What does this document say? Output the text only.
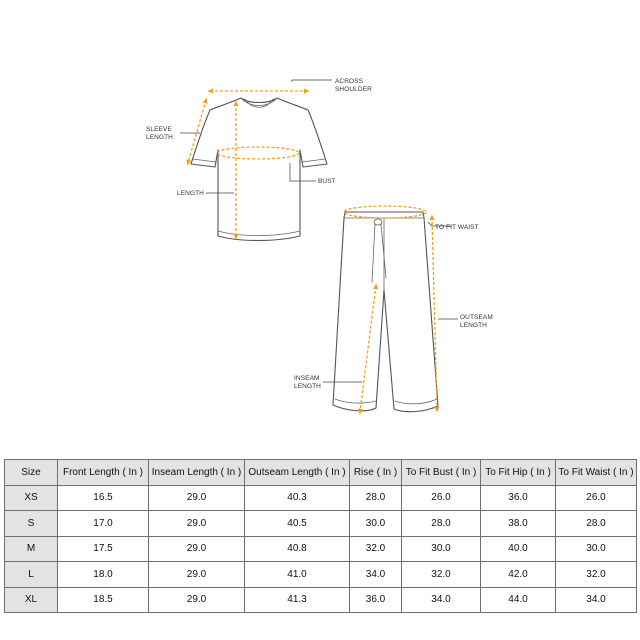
ACROSS
SHOULDER
SLEEVE
LENGTH
BUST
LENGTH
TO FIT WAIST
OUTSEAM
LENGTH
INSEAM
LENGTH
Size	Front Length ( In )	Inseam Length ( In )	Outseam Length ( In )	Rise ( In )	To Fit Bust ( In )	To Fit Hip ( In )	To Fit Waist ( In )
XS	16.5	29.0	40.3	28.0	26.0	36.0	26.0
S	17.0	29.0	40.5	30.0	28.0	38.0	28.0
M	17.5	29.0	40.8	32.0	30.0	40.0	30.0
L	18.0	29.0	41.0	34.0	32.0	42.0	32.0
XL	18.5	29.0	41.3	36.0	34.0	44.0	34.0
